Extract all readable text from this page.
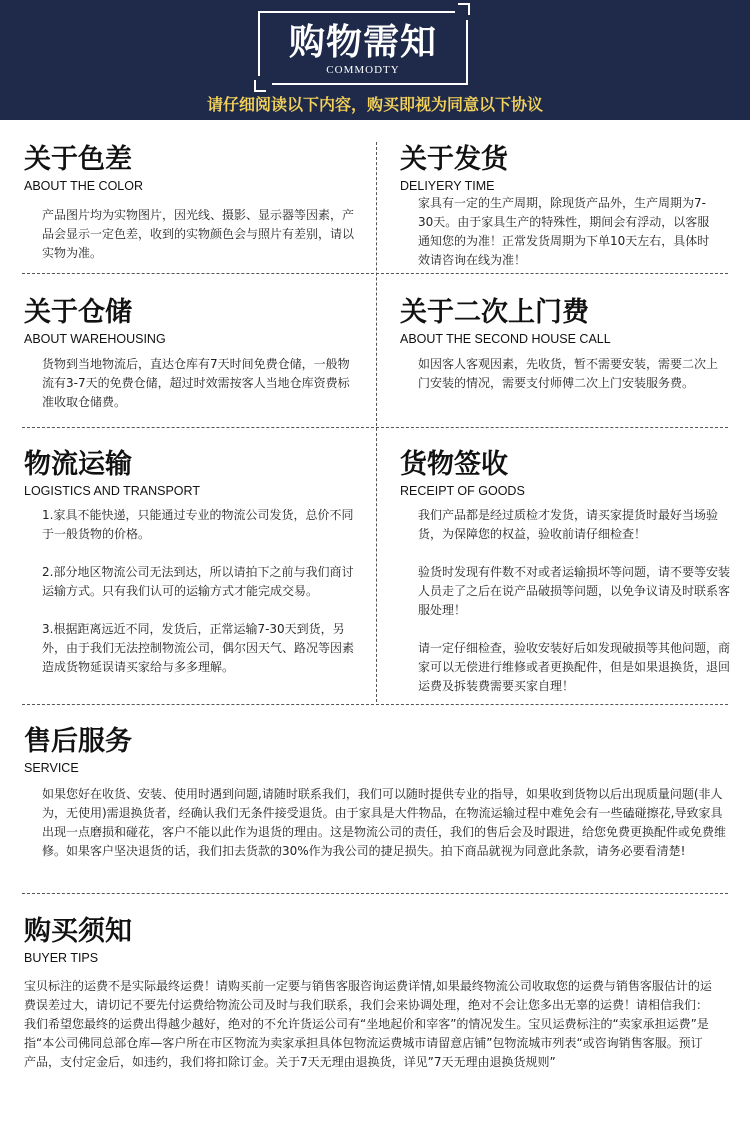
购物需知
COMMODTY
请仔细阅读以下内容，购买即视为同意以下协议
关于色差
ABOUT THE COLOR
产品图片均为实物图片，因光线、摄影、显示器等因素，产品会显示一定色差，收到的实物颜色会与照片有差别，请以实物为准。
关于发货
DELIYERY TIME
家具有一定的生产周期，除现货产品外，生产周期为7-30天。由于家具生产的特殊性，期间会有浮动，以客服通知您的为准！正常发货周期为下单10天左右，具体时效请咨询在线为准！
关于仓储
ABOUT WAREHOUSING
货物到当地物流后，直达仓库有7天时间免费仓储，一般物流有3-7天的免费仓储，超过时效需按客人当地仓库资费标准收取仓储费。
关于二次上门费
ABOUT THE SECOND HOUSE CALL
如因客人客观因素，先收货，暂不需要安装，需要二次上门安装的情况，需要支付师傅二次上门安装服务费。
物流运输
LOGISTICS AND TRANSPORT
1.家具不能快递，只能通过专业的物流公司发货，总价不同于一般货物的价格。
2.部分地区物流公司无法到达，所以请拍下之前与我们商讨运输方式。只有我们认可的运输方式才能完成交易。
3.根据距离远近不同，发货后，正常运输7-30天到货，另外，由于我们无法控制物流公司，偶尔因天气、路况等因素造成货物延误请买家给与多多理解。
货物签收
RECEIPT OF GOODS
我们产品都是经过质检才发货，请买家提货时最好当场验货，为保障您的权益，验收前请仔细检查！
验货时发现有件数不对或者运输损坏等问题，请不要等安装人员走了之后在说产品破损等问题，以免争议请及时联系客服处理！
请一定仔细检查，验收安装好后如发现破损等其他问题，商家可以无偿进行维修或者更换配件，但是如果退换货，退回运费及拆装费需要买家自理！
售后服务
SERVICE
如果您好在收货、安装、使用时遇到问题,请随时联系我们，我们可以随时提供专业的指导，如果收到货物以后出现质量问题(非人为，无使用)需退换货者，经确认我们无条件接受退货。由于家具是大件物品，在物流运输过程中难免会有一些磕碰擦花,导致家具出现一点磨损和碰花，客户不能以此作为退货的理由。这是物流公司的责任，我们的售后会及时跟进，给您免费更换配件或免费维修。如果客户坚决退货的话，我们扣去货款的30%作为我公司的捷足损失。拍下商品就视为同意此条款，请务必要看清楚!
购买须知
BUYER TIPS
宝贝标注的运费不是实际最终运费！请购买前一定要与销售客服咨询运费详情,如果最终物流公司收取您的运费与销售客服估计的运费误差过大，请切记不要先付运费给物流公司及时与我们联系，我们会来协调处理，绝对不会让您多出无辜的运费！请相信我们：我们希望您最终的运费出得越少越好，绝对的不允许货运公司有“坐地起价和宰客”的情况发生。宝贝运费标注的“卖家承担运费”是指“本公司佛同总部仓库—客户所在市区物流为卖家承担具体包物流运费城市请留意店铺”包物流城市列表“或咨询销售客服。预订产品，支付定金后，如违约，我们将扣除订金。关于7天无理由退换货，详见”7天无理由退换货规则”
